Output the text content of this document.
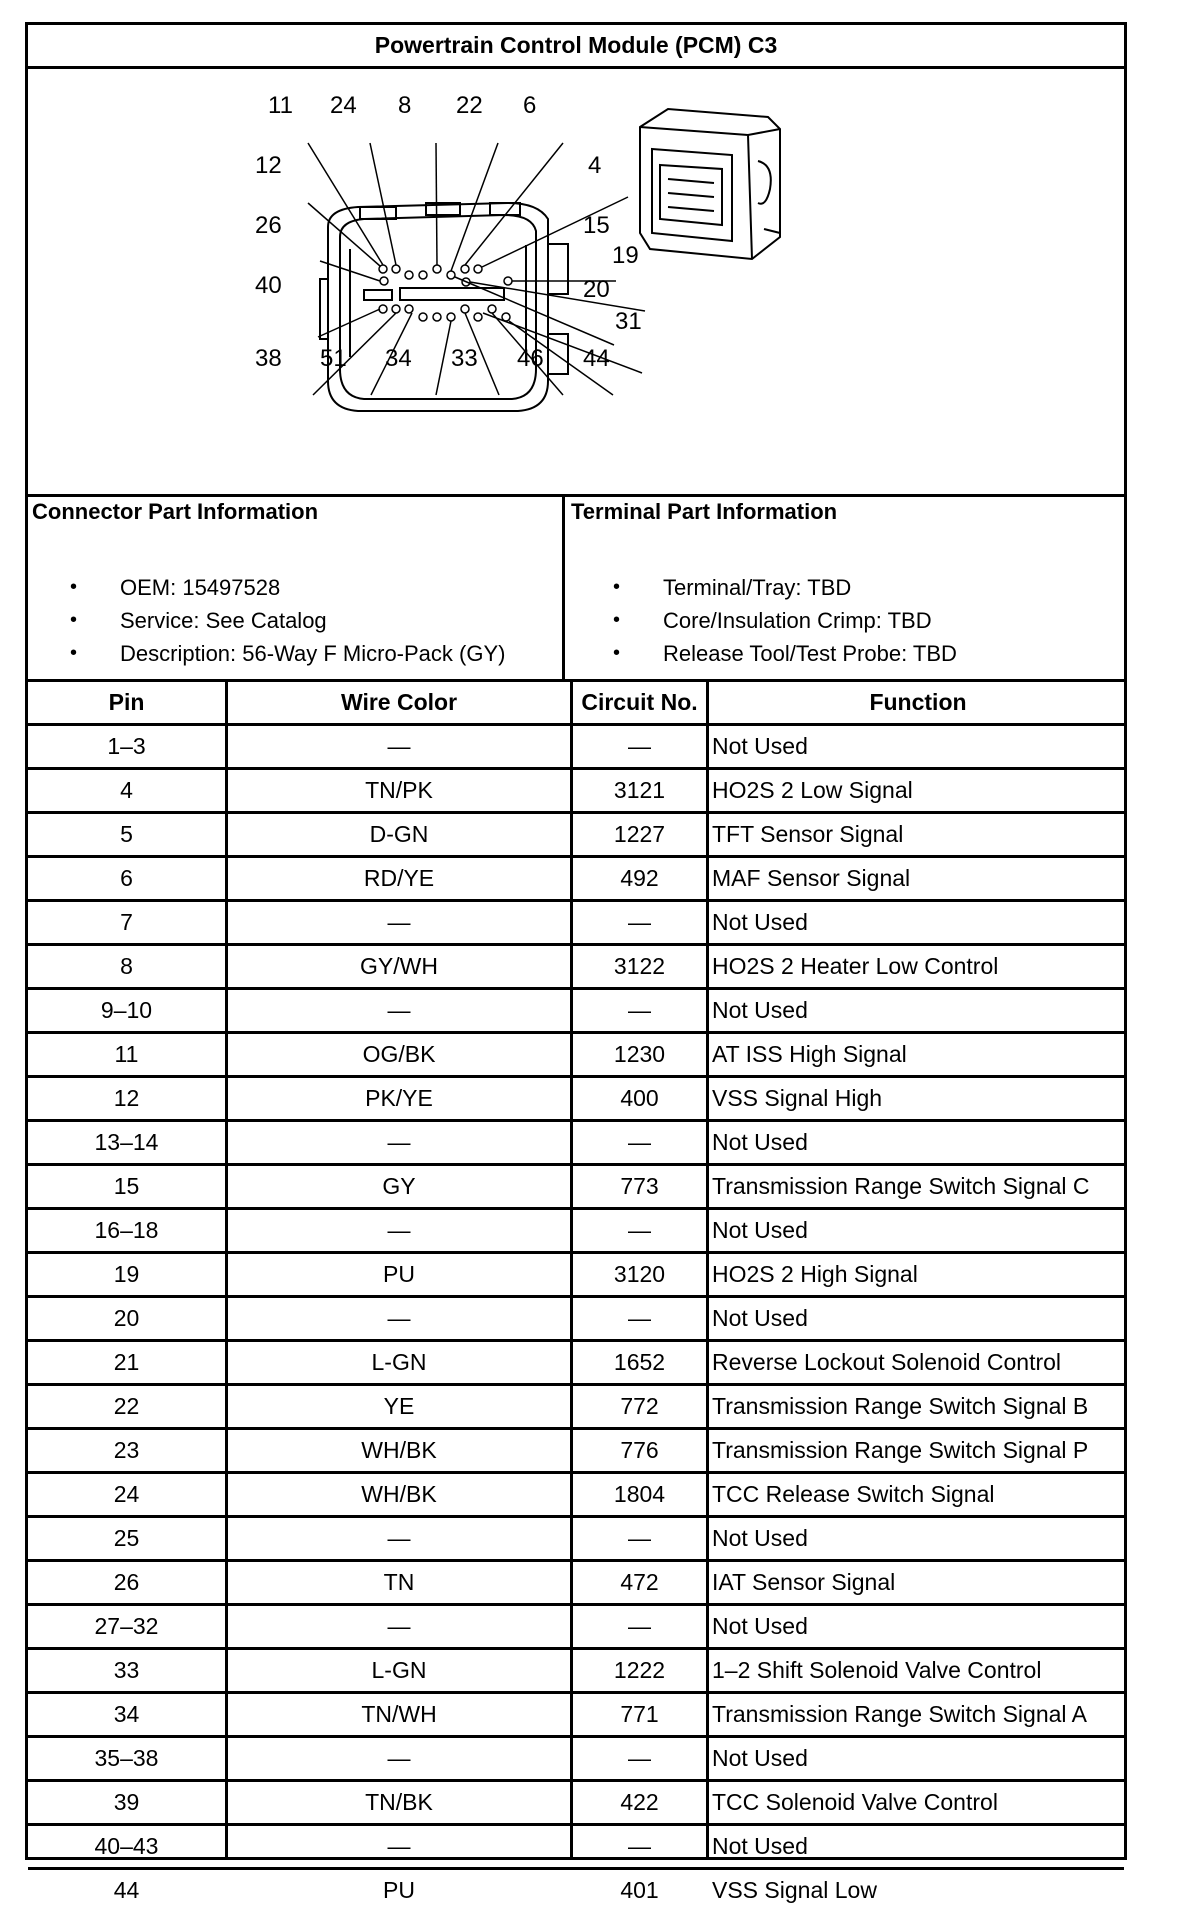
Powertrain Control Module (PCM) C3
Connector Part Information
• OEM: 15497528
• Service: See Catalog
• Description: 56-Way F Micro-Pack (GY)
Terminal Part Information
• Terminal/Tray: TBD
• Core/Insulation Crimp: TBD
• Release Tool/Test Probe: TBD
Pin	Wire Color	Circuit No.	Function
1–3	—	—	Not Used
4	TN/PK	3121	HO2S 2 Low Signal
5	D-GN	1227	TFT Sensor Signal
6	RD/YE	492	MAF Sensor Signal
7	—	—	Not Used
8	GY/WH	3122	HO2S 2 Heater Low Control
9–10	—	—	Not Used
11	OG/BK	1230	AT ISS High Signal
12	PK/YE	400	VSS Signal High
13–14	—	—	Not Used
15	GY	773	Transmission Range Switch Signal C
16–18	—	—	Not Used
19	PU	3120	HO2S 2 High Signal
20	—	—	Not Used
21	L-GN	1652	Reverse Lockout Solenoid Control
22	YE	772	Transmission Range Switch Signal B
23	WH/BK	776	Transmission Range Switch Signal P
24	WH/BK	1804	TCC Release Switch Signal
25	—	—	Not Used
26	TN	472	IAT Sensor Signal
27–32	—	—	Not Used
33	L-GN	1222	1–2 Shift Solenoid Valve Control
34	TN/WH	771	Transmission Range Switch Signal A
35–38	—	—	Not Used
39	TN/BK	422	TCC Solenoid Valve Control
40–43	—	—	Not Used
44	PU	401	VSS Signal Low
11 24 8 22 6
12	4
26	15
19
40	20
31
38 51 34 33 46 44
